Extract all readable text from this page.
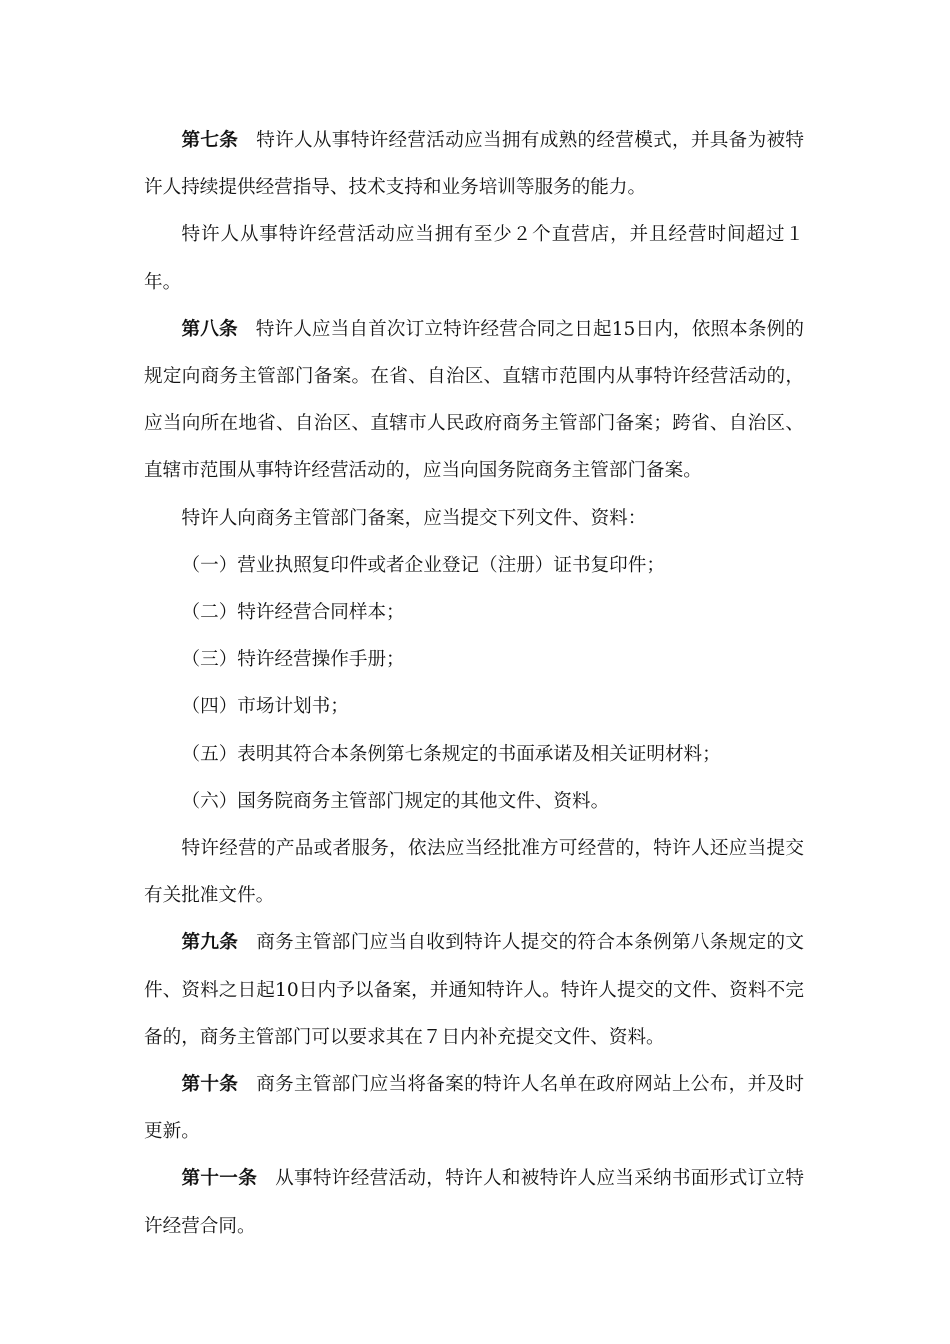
第七条 特许人从事特许经营活动应当拥有成熟的经营模式，并具备为被特许人持续提供经营指导、技术支持和业务培训等服务的能力。

特许人从事特许经营活动应当拥有至少２个直营店，并且经营时间超过１年。

第八条 特许人应当自首次订立特许经营合同之日起15日内，依照本条例的规定向商务主管部门备案。在省、自治区、直辖市范围内从事特许经营活动的，应当向所在地省、自治区、直辖市人民政府商务主管部门备案；跨省、自治区、直辖市范围从事特许经营活动的，应当向国务院商务主管部门备案。

特许人向商务主管部门备案，应当提交下列文件、资料：

（一）营业执照复印件或者企业登记（注册）证书复印件；

（二）特许经营合同样本；

（三）特许经营操作手册；

（四）市场计划书；

（五）表明其符合本条例第七条规定的书面承诺及相关证明材料；

（六）国务院商务主管部门规定的其他文件、资料。

特许经营的产品或者服务，依法应当经批准方可经营的，特许人还应当提交有关批准文件。

第九条 商务主管部门应当自收到特许人提交的符合本条例第八条规定的文件、资料之日起10日内予以备案，并通知特许人。特许人提交的文件、资料不完备的，商务主管部门可以要求其在７日内补充提交文件、资料。

第十条 商务主管部门应当将备案的特许人名单在政府网站上公布，并及时更新。

第十一条 从事特许经营活动，特许人和被特许人应当采纳书面形式订立特许经营合同。
